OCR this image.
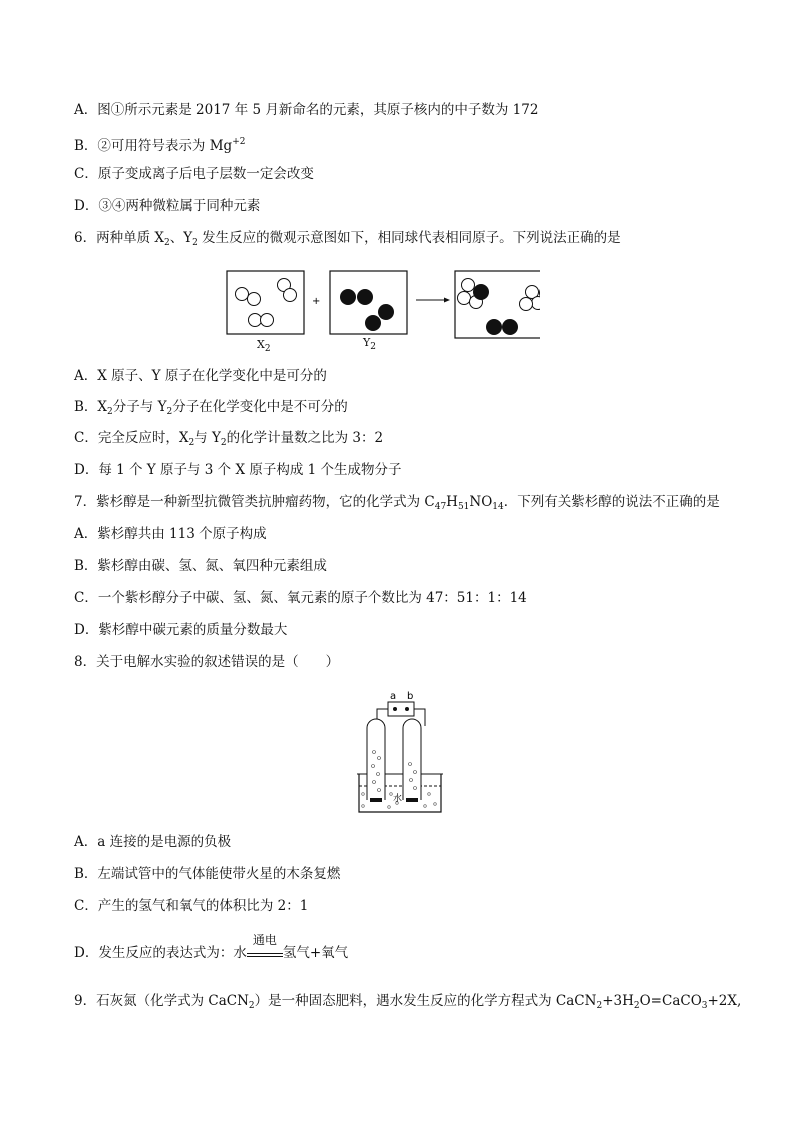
A．图①所示元素是 2017 年 5 月新命名的元素，其原子核内的中子数为 172
B．②可用符号表示为 $Mg^{+2}$
C．原子变成离子后电子层数一定会改变
D．③④两种微粒属于同种元素
6．两种单质 $X_2$、$Y_2$ 发生反应的微观示意图如下，相同球代表相同原子。下列说法正确的是
+
$X_2$	$Y_2$
A．X 原子、Y 原子在化学变化中是可分的
B．$X_2$分子与 $Y_2$分子在化学变化中是不可分的
C．完全反应时，$X_2$与 $Y_2$的化学计量数之比为 3：2
D．每 1 个 Y 原子与 3 个 X 原子构成 1 个生成物分子
7．紫杉醇是一种新型抗微管类抗肿瘤药物，它的化学式为 $C_{47}H_{51}NO_{14}$．下列有关紫杉醇的说法不正确的是
A．紫杉醇共由 113 个原子构成
B．紫杉醇由碳、氢、氮、氧四种元素组成
C．一个紫杉醇分子中碳、氢、氮、氧元素的原子个数比为 47：51：1：14
D．紫杉醇中碳元素的质量分数最大
8．关于电解水实验的叙述错误的是（　　）
a b
水
A．a 连接的是电源的负极
B．左端试管中的气体能使带火星的木条复燃
C．产生的氢气和氧气的体积比为 2：1
D．发生反应的表达式为：水
通电
氢气+氧气
9．石灰氮（化学式为 CaCN$_2$）是一种固态肥料，遇水发生反应的化学方程式为 $CaCN_2+3H_2O=CaCO_3+2X$,
